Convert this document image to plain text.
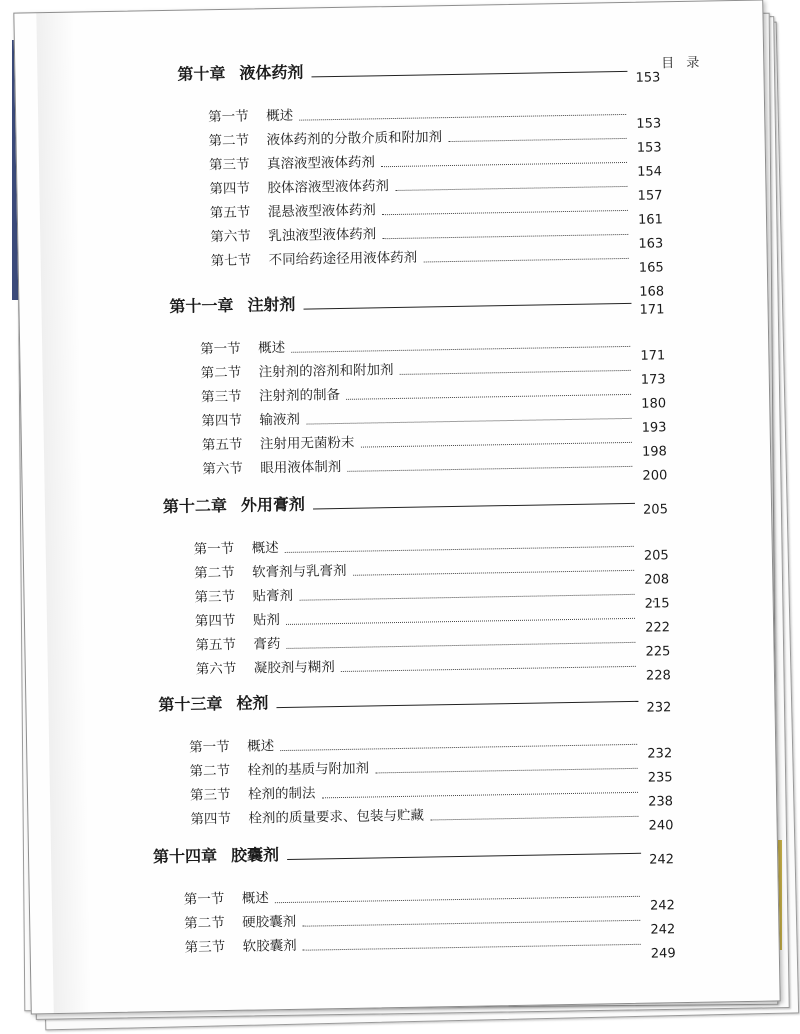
目 录
第十章 液体药剂	153
第一节 概述	153
第二节 液体药剂的分散介质和附加剂	153
第三节 真溶液型液体药剂	154
第四节 胶体溶液型液体药剂	157
第五节 混悬液型液体药剂	161
第六节 乳浊液型液体药剂	163
第七节 不同给药途径用液体药剂	165
168
第十一章 注射剂	171
第一节 概述	171
第二节 注射剂的溶剂和附加剂	173
第三节 注射剂的制备	180
第四节 输液剂	193
第五节 注射用无菌粉末	198
第六节 眼用液体制剂	200
第十二章 外用膏剂	205
第一节 概述	205
第二节 软膏剂与乳膏剂	208
第三节 贴膏剂	215
第四节 贴剂	222
第五节 膏药	225
第六节 凝胶剂与糊剂	228
第十三章 栓剂	232
第一节 概述	232
第二节 栓剂的基质与附加剂	235
第三节 栓剂的制法	238
第四节 栓剂的质量要求、包装与贮藏	240
第十四章 胶囊剂	242
第一节 概述	242
第二节 硬胶囊剂	242
第三节 软胶囊剂	249
